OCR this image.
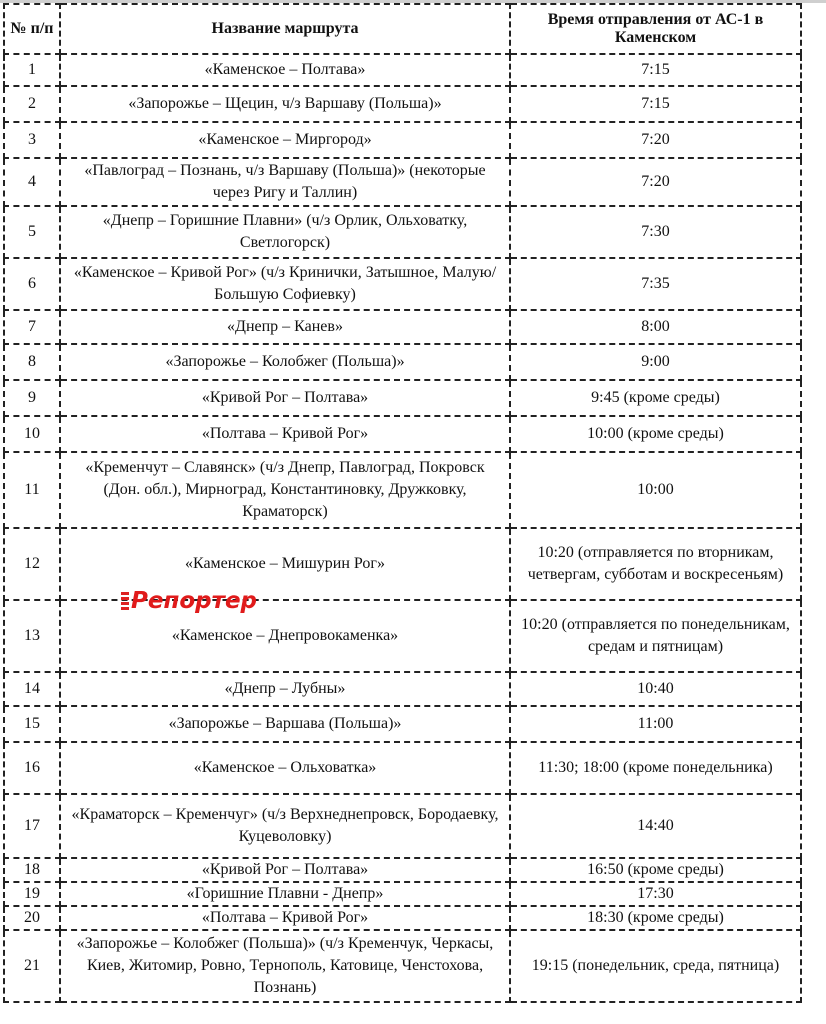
№ п/п	Название маршрута	Время отправления от АС-1 в Каменском
1	«Каменское – Полтава»	7:15
2	«Запорожье – Щецин, ч/з Варшаву (Польша)»	7:15
3	«Каменское – Миргород»	7:20
4	«Павлоград – Познань, ч/з Варшаву (Польша)» (некоторые через Ригу и Таллин)	7:20
5	«Днепр – Горишние Плавни» (ч/з Орлик, Ольховатку, Светлогорск)	7:30
6	«Каменское – Кривой Рог» (ч/з Кринички, Затышное, Малую/Большую Софиевку)	7:35
7	«Днепр – Канев»	8:00
8	«Запорожье – Колобжег (Польша)»	9:00
9	«Кривой Рог – Полтава»	9:45 (кроме среды)
10	«Полтава – Кривой Рог»	10:00 (кроме среды)
11	«Кременчут – Славянск» (ч/з Днепр, Павлоград, Покровск (Дон. обл.), Мирноград, Константиновку, Дружковку, Краматорск)	10:00
12	«Каменское – Мишурин Рог»	10:20 (отправляется по вторникам, четвергам, субботам и воскресеньям)
13	«Каменское – Днепровокаменка»	10:20 (отправляется по понедельникам, средам и пятницам)
14	«Днепр – Лубны»	10:40
15	«Запорожье – Варшава (Польша)»	11:00
16	«Каменское – Ольховатка»	11:30; 18:00 (кроме понедельника)
17	«Краматорск – Кременчуг» (ч/з Верхнеднепровск, Бородаевку, Куцеволовку)	14:40
18	«Кривой Рог – Полтава»	16:50 (кроме среды)
19	«Горишние Плавни - Днепр»	17:30
20	«Полтава – Кривой Рог»	18:30 (кроме среды)
21	«Запорожье – Колобжег (Польша)» (ч/з Кременчук, Черкасы, Киев, Житомир, Ровно, Тернополь, Катовице, Ченстохова, Познань)	19:15 (понедельник, среда, пятница)
Репортер
